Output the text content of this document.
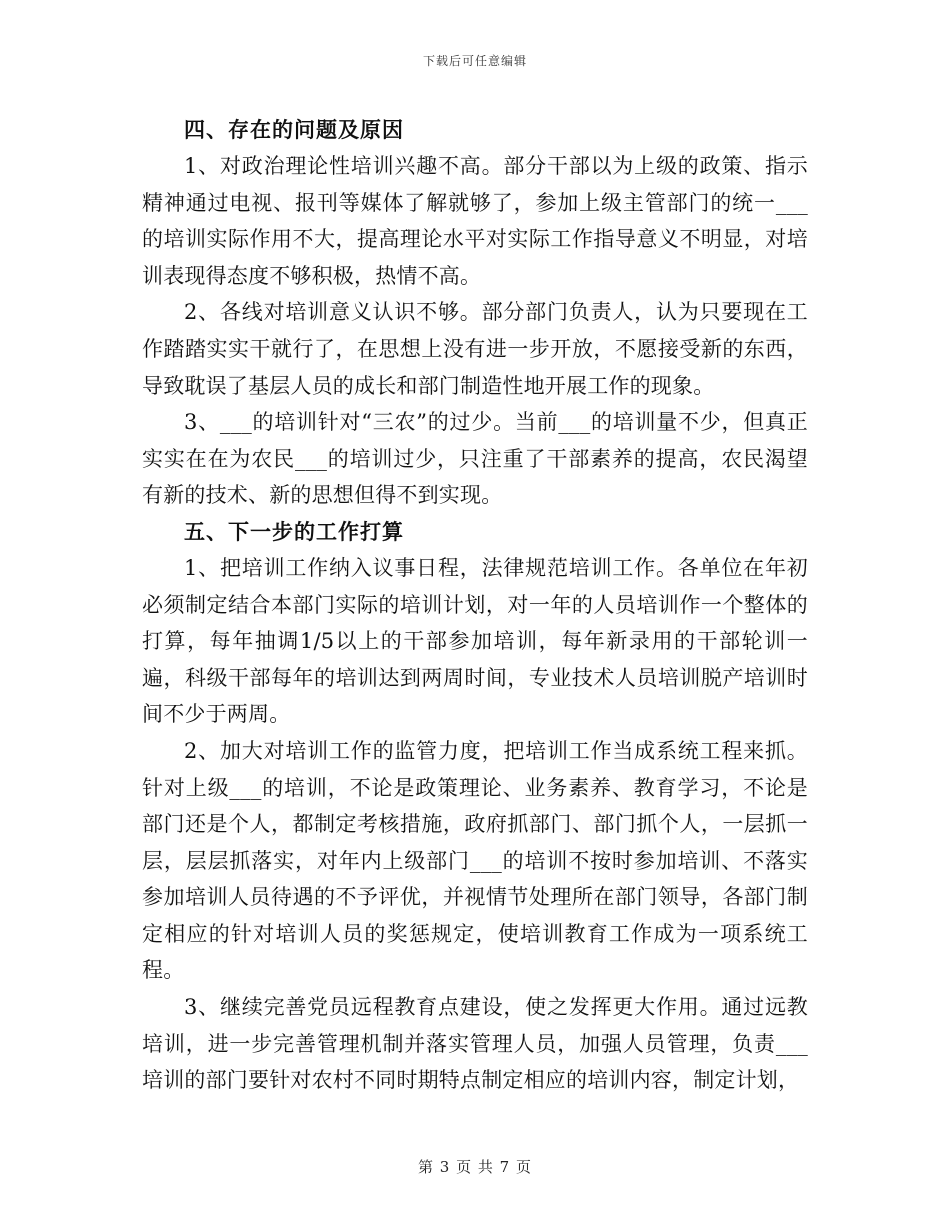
下载后可任意编辑
四、存在的问题及原因

1、对政治理论性培训兴趣不高。部分干部以为上级的政策、指示精神通过电视、报刊等媒体了解就够了，参加上级主管部门的统一___的培训实际作用不大，提高理论水平对实际工作指导意义不明显，对培训表现得态度不够积极，热情不高。

2、各线对培训意义认识不够。部分部门负责人，认为只要现在工作踏踏实实干就行了，在思想上没有进一步开放，不愿接受新的东西，导致耽误了基层人员的成长和部门制造性地开展工作的现象。

3、___的培训针对“三农”的过少。当前___的培训量不少，但真正实实在在为农民___的培训过少，只注重了干部素养的提高，农民渴望有新的技术、新的思想但得不到实现。

五、下一步的工作打算

1、把培训工作纳入议事日程，法律规范培训工作。各单位在年初必须制定结合本部门实际的培训计划，对一年的人员培训作一个整体的打算，每年抽调1/5以上的干部参加培训，每年新录用的干部轮训一遍，科级干部每年的培训达到两周时间，专业技术人员培训脱产培训时间不少于两周。

2、加大对培训工作的监管力度，把培训工作当成系统工程来抓。针对上级___的培训，不论是政策理论、业务素养、教育学习，不论是部门还是个人，都制定考核措施，政府抓部门、部门抓个人，一层抓一层，层层抓落实，对年内上级部门___的培训不按时参加培训、不落实参加培训人员待遇的不予评优，并视情节处理所在部门领导，各部门制定相应的针对培训人员的奖惩规定，使培训教育工作成为一项系统工程。

3、继续完善党员远程教育点建设，使之发挥更大作用。通过远教培训，进一步完善管理机制并落实管理人员，加强人员管理，负责___培训的部门要针对农村不同时期特点制定相应的培训内容，制定计划，

第 3 页 共 7 页
